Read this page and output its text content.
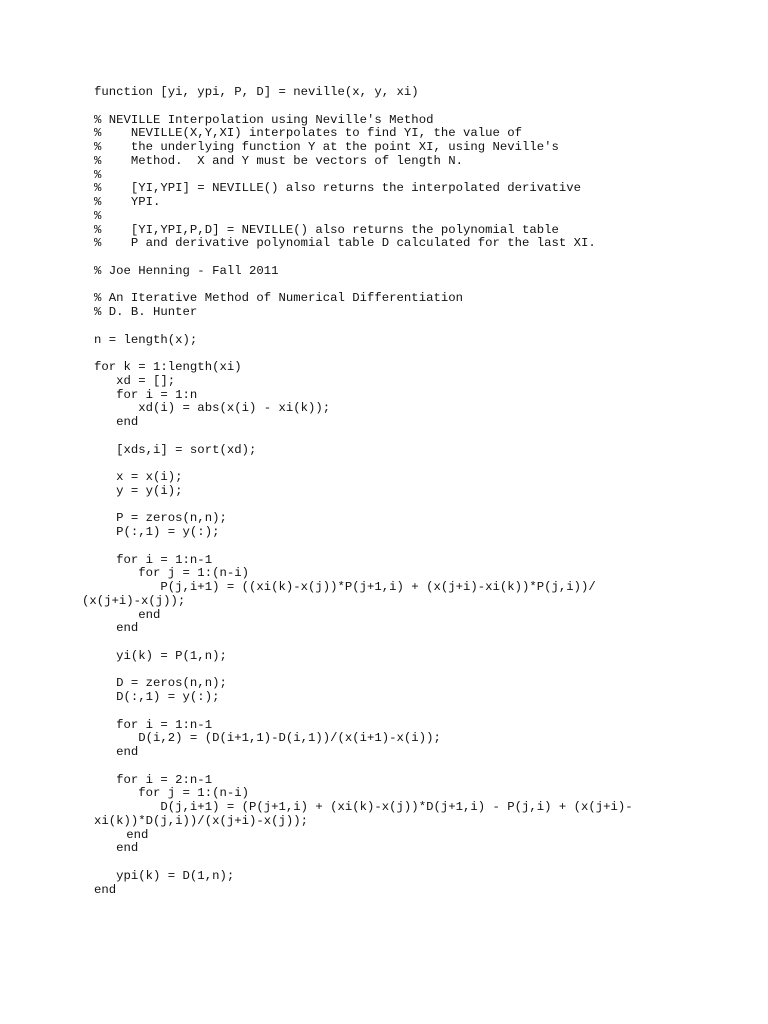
function [yi, ypi, P, D] = neville(x, y, xi)

% NEVILLE Interpolation using Neville's Method
%    NEVILLE(X,Y,XI) interpolates to find YI, the value of
%    the underlying function Y at the point XI, using Neville's
%    Method.  X and Y must be vectors of length N.
%
%    [YI,YPI] = NEVILLE() also returns the interpolated derivative
%    YPI.
%
%    [YI,YPI,P,D] = NEVILLE() also returns the polynomial table
%    P and derivative polynomial table D calculated for the last XI.

% Joe Henning - Fall 2011

% An Iterative Method of Numerical Differentiation
% D. B. Hunter

n = length(x);

for k = 1:length(xi)
xd = [];
for i = 1:n
xd(i) = abs(x(i) - xi(k));
end

[xds,i] = sort(xd);

x = x(i);
y = y(i);

P = zeros(n,n);
P(:,1) = y(:);

for i = 1:n-1
for j = 1:(n-i)
P(j,i+1) = ((xi(k)-x(j))*P(j+1,i) + (x(j+i)-xi(k))*P(j,i))/
(x(j+i)-x(j));
end
end

yi(k) = P(1,n);

D = zeros(n,n);
D(:,1) = y(:);

for i = 1:n-1
D(i,2) = (D(i+1,1)-D(i,1))/(x(i+1)-x(i));
end

for i = 2:n-1
for j = 1:(n-i)
D(j,i+1) = (P(j+1,i) + (xi(k)-x(j))*D(j+1,i) - P(j,i) + (x(j+i)-
xi(k))*D(j,i))/(x(j+i)-x(j));
end
end

ypi(k) = D(1,n);
end
